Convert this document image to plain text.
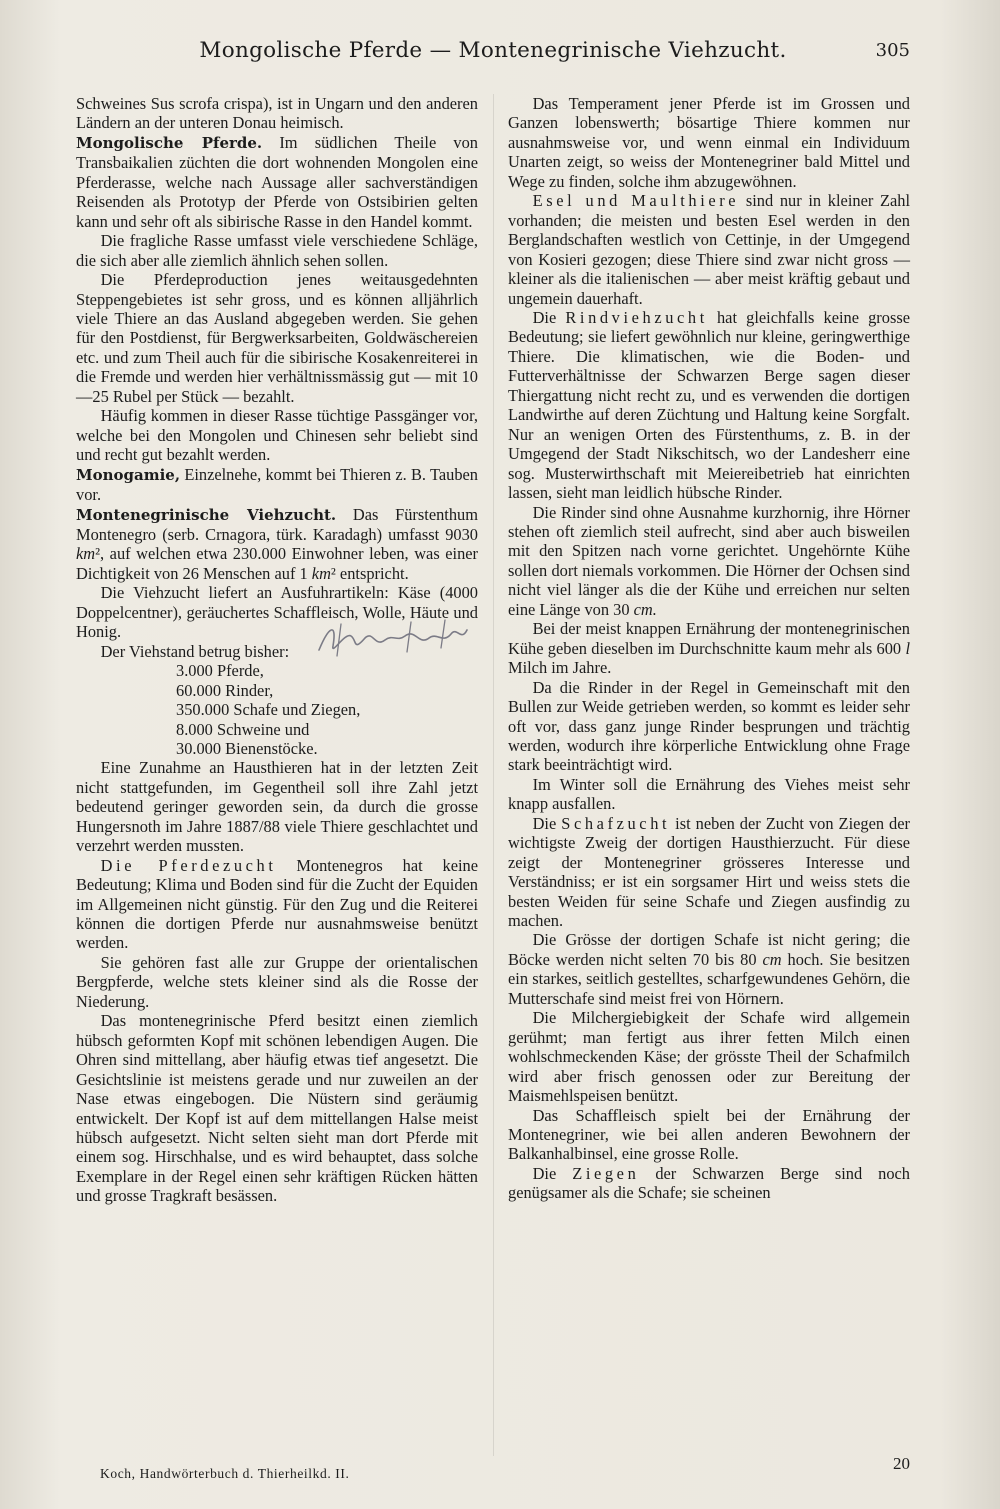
Mongolische Pferde — Montenegrinische Viehzucht.	305

Schweines Sus scrofa crispa), ist in Ungarn und den anderen Ländern an der unteren Donau heimisch.

Mongolische Pferde. Im südlichen Theile von Transbaikalien züchten die dort wohnenden Mongolen eine Pferderasse, welche nach Aussage aller sachverständigen Reisenden als Prototyp der Pferde von Ostsibirien gelten kann und sehr oft als sibirische Rasse in den Handel kommt.

Die fragliche Rasse umfasst viele verschiedene Schläge, die sich aber alle ziemlich ähnlich sehen sollen.

Die Pferdeproduction jenes weitausgedehnten Steppengebietes ist sehr gross, und es können alljährlich viele Thiere an das Ausland abgegeben werden. Sie gehen für den Postdienst, für Bergwerksarbeiten, Goldwäschereien etc. und zum Theil auch für die sibirische Kosakenreiterei in die Fremde und werden hier verhältnissmässig gut — mit 10—25 Rubel per Stück — bezahlt.

Häufig kommen in dieser Rasse tüchtige Passgänger vor, welche bei den Mongolen und Chinesen sehr beliebt sind und recht gut bezahlt werden.

Monogamie, Einzelnehe, kommt bei Thieren z. B. Tauben vor.

Montenegrinische Viehzucht. Das Fürstenthum Montenegro (serb. Crnagora, türk. Karadagh) umfasst 9030 km², auf welchen etwa 230.000 Einwohner leben, was einer Dichtigkeit von 26 Menschen auf 1 km² entspricht.

Die Viehzucht liefert an Ausfuhrartikeln: Käse (4000 Doppelcentner), geräuchertes Schaffleisch, Wolle, Häute und Honig.

Der Viehstand betrug bisher:

3.000 Pferde,

60.000 Rinder,

350.000 Schafe und Ziegen,

8.000 Schweine und

30.000 Bienenstöcke.

Eine Zunahme an Hausthieren hat in der letzten Zeit nicht stattgefunden, im Gegentheil soll ihre Zahl jetzt bedeutend geringer geworden sein, da durch die grosse Hungersnoth im Jahre 1887/88 viele Thiere geschlachtet und verzehrt werden mussten.

Die Pferdezucht Montenegros hat keine Bedeutung; Klima und Boden sind für die Zucht der Equiden im Allgemeinen nicht günstig. Für den Zug und die Reiterei können die dortigen Pferde nur ausnahmsweise benützt werden.

Sie gehören fast alle zur Gruppe der orientalischen Bergpferde, welche stets kleiner sind als die Rosse der Niederung.

Das montenegrinische Pferd besitzt einen ziemlich hübsch geformten Kopf mit schönen lebendigen Augen. Die Ohren sind mittellang, aber häufig etwas tief angesetzt. Die Gesichtslinie ist meistens gerade und nur zuweilen an der Nase etwas eingebogen. Die Nüstern sind geräumig entwickelt. Der Kopf ist auf dem mittellangen Halse meist hübsch aufgesetzt. Nicht selten sieht man dort Pferde mit einem sog. Hirschhalse, und es wird behauptet, dass solche Exemplare in der Regel einen sehr kräftigen Rücken hätten und grosse Tragkraft besässen.

Das Temperament jener Pferde ist im Grossen und Ganzen lobenswerth; bösartige Thiere kommen nur ausnahmsweise vor, und wenn einmal ein Individuum Unarten zeigt, so weiss der Montenegriner bald Mittel und Wege zu finden, solche ihm abzugewöhnen.

Esel und Maulthiere sind nur in kleiner Zahl vorhanden; die meisten und besten Esel werden in den Berglandschaften westlich von Cettinje, in der Umgegend von Kosieri gezogen; diese Thiere sind zwar nicht gross — kleiner als die italienischen — aber meist kräftig gebaut und ungemein dauerhaft.

Die Rindviehzucht hat gleichfalls keine grosse Bedeutung; sie liefert gewöhnlich nur kleine, geringwerthige Thiere. Die klimatischen, wie die Boden- und Futterverhältnisse der Schwarzen Berge sagen dieser Thiergattung nicht recht zu, und es verwenden die dortigen Landwirthe auf deren Züchtung und Haltung keine Sorgfalt. Nur an wenigen Orten des Fürstenthums, z. B. in der Umgegend der Stadt Nikschitsch, wo der Landesherr eine sog. Musterwirthschaft mit Meiereibetrieb hat einrichten lassen, sieht man leidlich hübsche Rinder.

Die Rinder sind ohne Ausnahme kurzhornig, ihre Hörner stehen oft ziemlich steil aufrecht, sind aber auch bisweilen mit den Spitzen nach vorne gerichtet. Ungehörnte Kühe sollen dort niemals vorkommen. Die Hörner der Ochsen sind nicht viel länger als die der Kühe und erreichen nur selten eine Länge von 30 cm.

Bei der meist knappen Ernährung der montenegrinischen Kühe geben dieselben im Durchschnitte kaum mehr als 600 l Milch im Jahre.

Da die Rinder in der Regel in Gemeinschaft mit den Bullen zur Weide getrieben werden, so kommt es leider sehr oft vor, dass ganz junge Rinder besprungen und trächtig werden, wodurch ihre körperliche Entwicklung ohne Frage stark beeinträchtigt wird.

Im Winter soll die Ernährung des Viehes meist sehr knapp ausfallen.

Die Schafzucht ist neben der Zucht von Ziegen der wichtigste Zweig der dortigen Hausthierzucht. Für diese zeigt der Montenegriner grösseres Interesse und Verständniss; er ist ein sorgsamer Hirt und weiss stets die besten Weiden für seine Schafe und Ziegen ausfindig zu machen.

Die Grösse der dortigen Schafe ist nicht gering; die Böcke werden nicht selten 70 bis 80 cm hoch. Sie besitzen ein starkes, seitlich gestelltes, scharfgewundenes Gehörn, die Mutterschafe sind meist frei von Hörnern.

Die Milchergiebigkeit der Schafe wird allgemein gerühmt; man fertigt aus ihrer fetten Milch einen wohlschmeckenden Käse; der grösste Theil der Schafmilch wird aber frisch genossen oder zur Bereitung der Maismehlspeisen benützt.

Das Schaffleisch spielt bei der Ernährung der Montenegriner, wie bei allen anderen Bewohnern der Balkanhalbinsel, eine grosse Rolle.

Die Ziegen der Schwarzen Berge sind noch genügsamer als die Schafe; sie scheinen

Koch, Handwörterbuch d. Thierheilkd. II.
20
